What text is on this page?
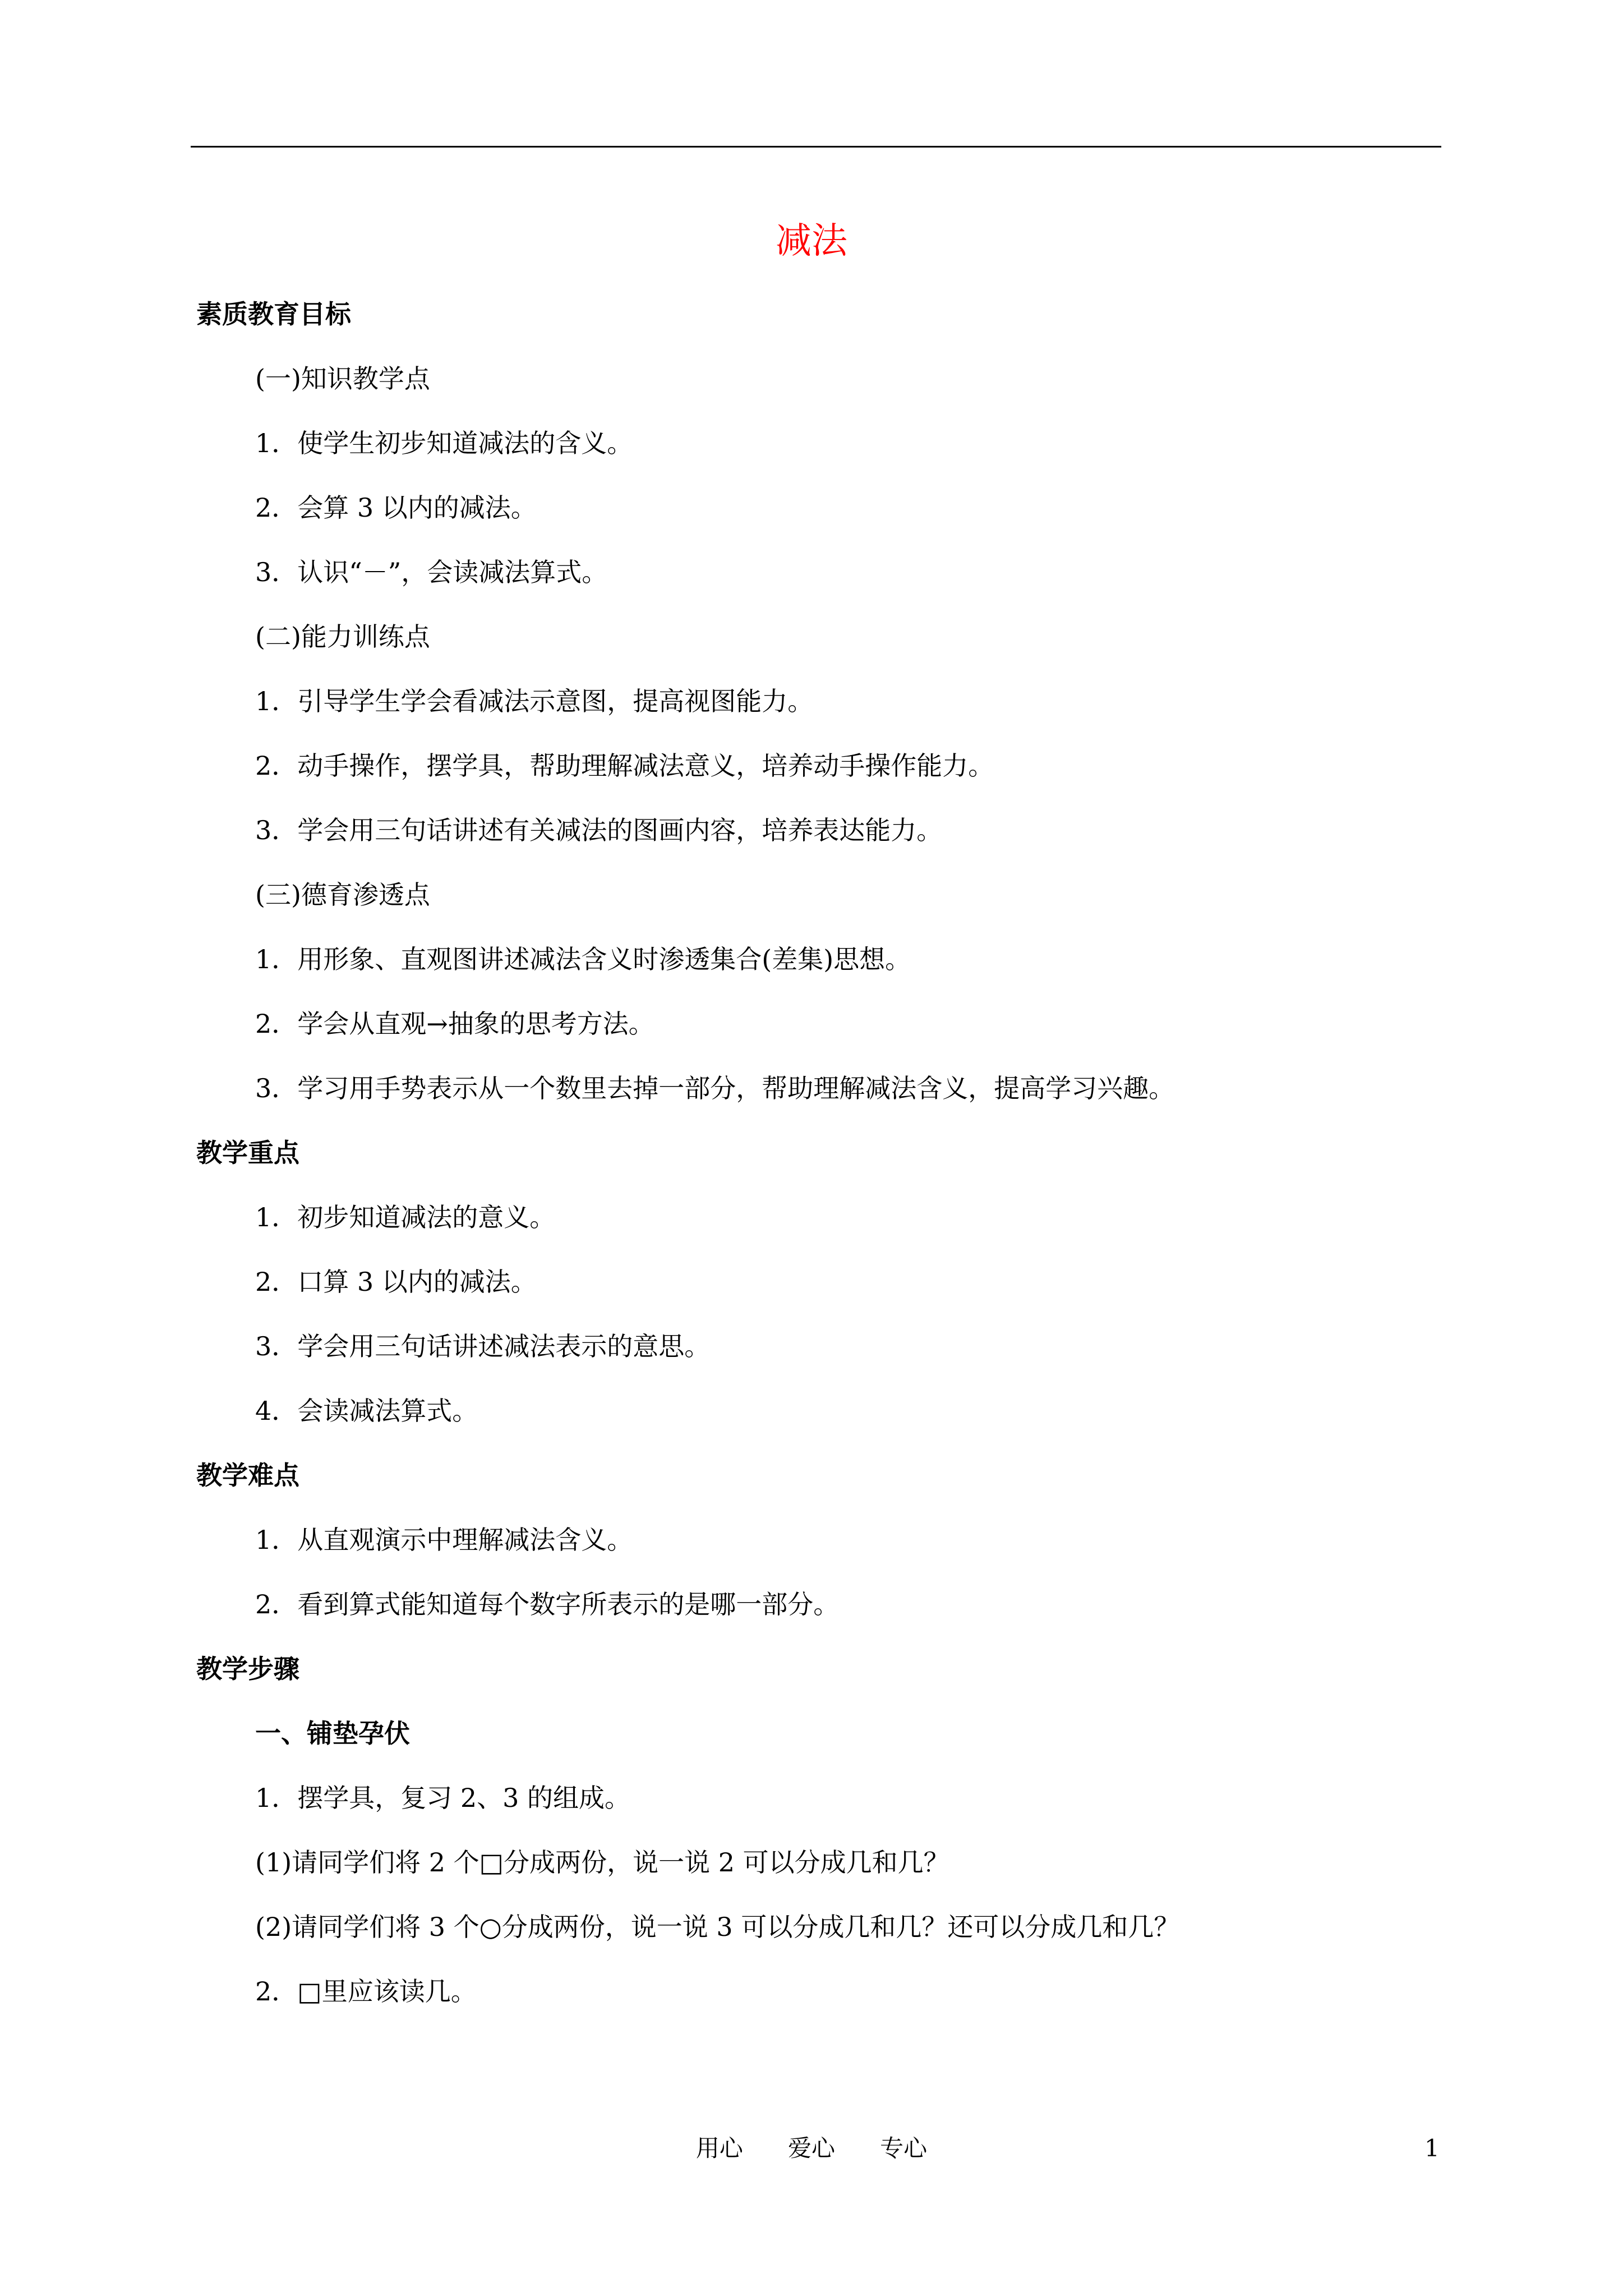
减法
素质教育目标
(一)知识教学点
1．使学生初步知道减法的含义。
2．会算 3 以内的减法。
3．认识“－”，会读减法算式。
(二)能力训练点
1．引导学生学会看减法示意图，提高视图能力。
2．动手操作，摆学具，帮助理解减法意义，培养动手操作能力。
3．学会用三句话讲述有关减法的图画内容，培养表达能力。
(三)德育渗透点
1．用形象、直观图讲述减法含义时渗透集合(差集)思想。
2．学会从直观→抽象的思考方法。
3．学习用手势表示从一个数里去掉一部分，帮助理解减法含义，提高学习兴趣。
教学重点
1．初步知道减法的意义。
2．口算 3 以内的减法。
3．学会用三句话讲述减法表示的意思。
4．会读减法算式。
教学难点
1．从直观演示中理解减法含义。
2．看到算式能知道每个数字所表示的是哪一部分。
教学步骤
一、铺垫孕伏
1．摆学具，复习 2、3 的组成。
(1)请同学们将 2 个□分成两份，说一说 2 可以分成几和几？
(2)请同学们将 3 个○分成两份，说一说 3 可以分成几和几？还可以分成几和几？
2．□里应该读几。
用心      爱心      专心	1
